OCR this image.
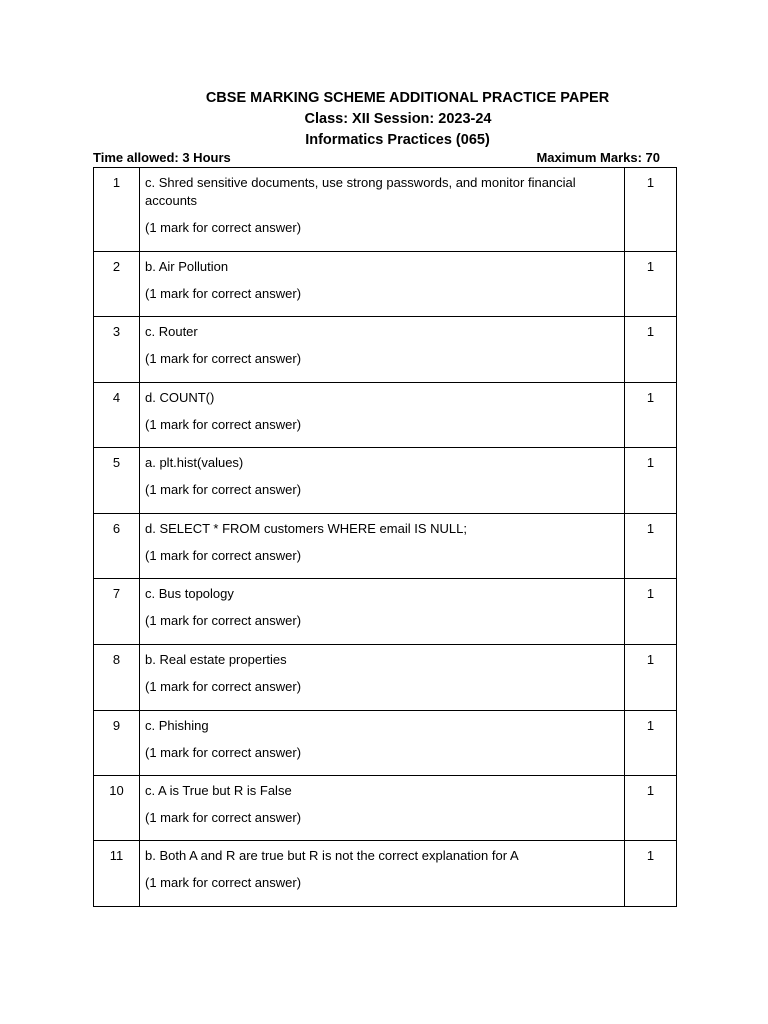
CBSE MARKING SCHEME ADDITIONAL PRACTICE PAPER
Class: XII Session: 2023-24
Informatics Practices (065)
Time allowed: 3 Hours	Maximum Marks: 70
1	c. Shred sensitive documents, use strong passwords, and monitor financial accounts
(1 mark for correct answer)	1

2	b. Air Pollution
(1 mark for correct answer)	1

3	c. Router
(1 mark for correct answer)	1

4	d. COUNT()
(1 mark for correct answer)	1

5	a. plt.hist(values)
(1 mark for correct answer)	1

6	d. SELECT * FROM customers WHERE email IS NULL;
(1 mark for correct answer)	1

7	c. Bus topology
(1 mark for correct answer)	1

8	b. Real estate properties
(1 mark for correct answer)	1

9	c. Phishing
(1 mark for correct answer)	1

10	c. A is True but R is False
(1 mark for correct answer)	1

11	b. Both A and R are true but R is not the correct explanation for A
(1 mark for correct answer)	1
